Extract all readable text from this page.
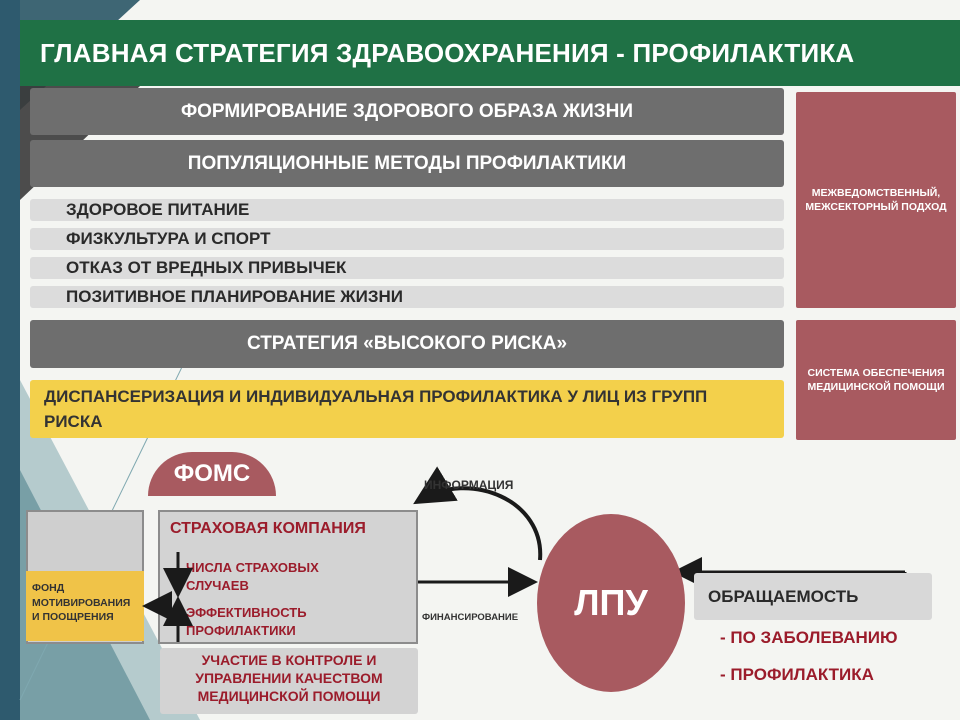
ГЛАВНАЯ СТРАТЕГИЯ ЗДРАВООХРАНЕНИЯ - ПРОФИЛАКТИКА
ФОРМИРОВАНИЕ ЗДОРОВОГО ОБРАЗА ЖИЗНИ
ПОПУЛЯЦИОННЫЕ МЕТОДЫ ПРОФИЛАКТИКИ
ЗДОРОВОЕ ПИТАНИЕ
ФИЗКУЛЬТУРА И СПОРТ
ОТКАЗ ОТ ВРЕДНЫХ ПРИВЫЧЕК
ПОЗИТИВНОЕ ПЛАНИРОВАНИЕ ЖИЗНИ
СТРАТЕГИЯ «ВЫСОКОГО РИСКА»
ДИСПАНСЕРИЗАЦИЯ И ИНДИВИДУАЛЬНАЯ ПРОФИЛАКТИКА У ЛИЦ ИЗ ГРУПП РИСКА
МЕЖВЕДОМСТВЕННЫЙ, МЕЖСЕКТОРНЫЙ ПОДХОД
СИСТЕМА ОБЕСПЕЧЕНИЯ МЕДИЦИНСКОЙ ПОМОЩИ
ФОМС
ФОНД МОТИВИРОВАНИЯ И ПООЩРЕНИЯ
СТРАХОВАЯ КОМПАНИЯ
ЧИСЛА СТРАХОВЫХ СЛУЧАЕВ
ЭФФЕКТИВНОСТЬ ПРОФИЛАКТИКИ
УЧАСТИЕ В КОНТРОЛЕ И УПРАВЛЕНИИ КАЧЕСТВОМ МЕДИЦИНСКОЙ ПОМОЩИ
ИНФОРМАЦИЯ
ФИНАНСИРОВАНИЕ	ЛПУ	ОБРАЩАЕМОСТЬ
- ПО ЗАБОЛЕВАНИЮ
- ПРОФИЛАКТИКА
